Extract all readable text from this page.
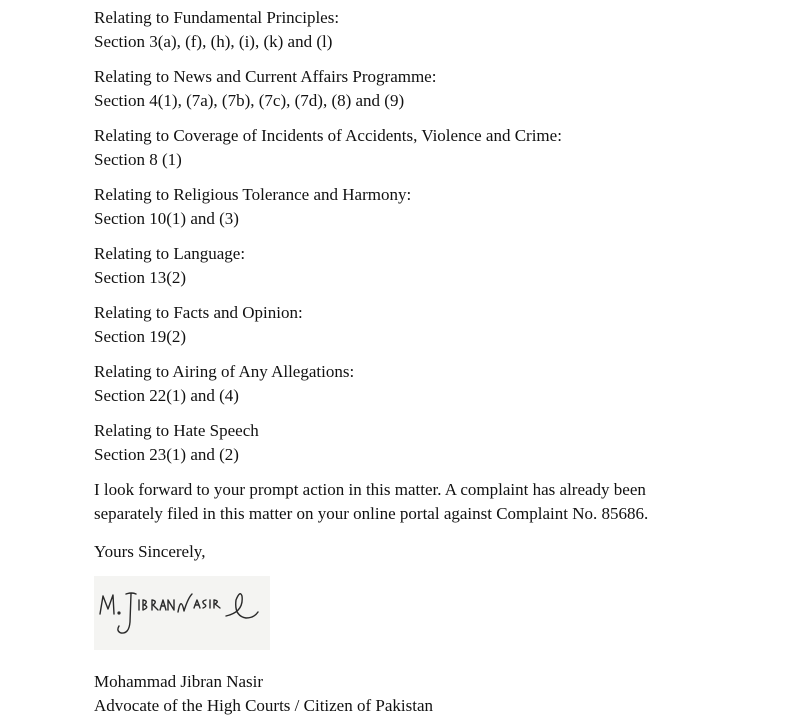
Relating to Fundamental Principles:
Section 3(a), (f), (h), (i), (k) and (l)
Relating to News and Current Affairs Programme:
Section 4(1), (7a), (7b), (7c), (7d), (8) and (9)
Relating to Coverage of Incidents of Accidents, Violence and Crime:
Section 8 (1)
Relating to Religious Tolerance and Harmony:
Section 10(1) and (3)
Relating to Language:
Section 13(2)
Relating to Facts and Opinion:
Section 19(2)
Relating to Airing of Any Allegations:
Section 22(1) and (4)
Relating to Hate Speech
Section 23(1) and (2)
I look forward to your prompt action in this matter. A complaint has already been
separately filed in this matter on your online portal against Complaint No. 85686.
Yours Sincerely,
Mohammad Jibran Nasir
Advocate of the High Courts / Citizen of Pakistan
